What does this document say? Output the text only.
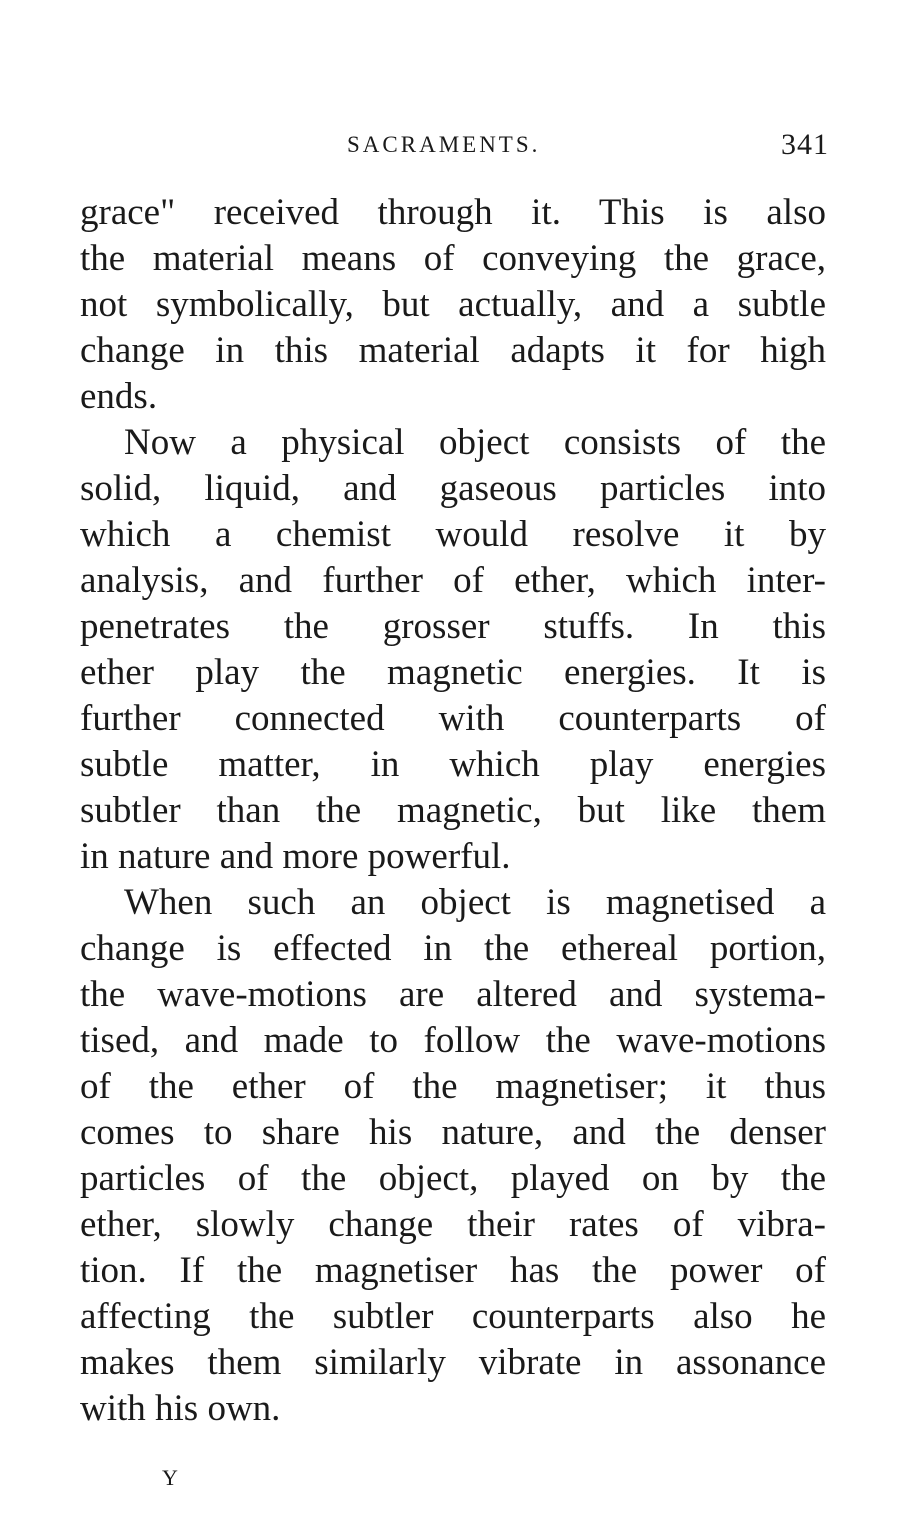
SACRAMENTS.	341
grace" received through it. This is also
the material means of conveying the grace,
not symbolically, but actually, and a subtle
change in this material adapts it for high
ends.
Now a physical object consists of the
solid, liquid, and gaseous particles into
which a chemist would resolve it by
analysis, and further of ether, which inter-
penetrates the grosser stuffs. In this
ether play the magnetic energies. It is
further connected with counterparts of
subtle matter, in which play energies
subtler than the magnetic, but like them
in nature and more powerful.
When such an object is magnetised a
change is effected in the ethereal portion,
the wave-motions are altered and systema-
tised, and made to follow the wave-motions
of the ether of the magnetiser; it thus
comes to share his nature, and the denser
particles of the object, played on by the
ether, slowly change their rates of vibra-
tion. If the magnetiser has the power of
affecting the subtler counterparts also he
makes them similarly vibrate in assonance
with his own.
Y
